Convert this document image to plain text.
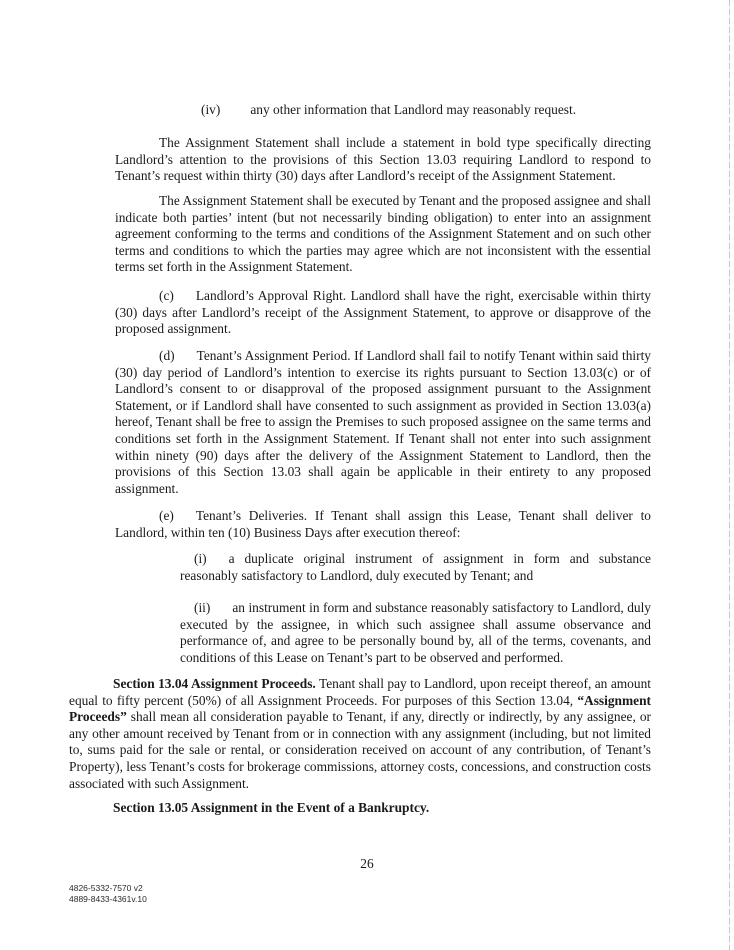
(iv) any other information that Landlord may reasonably request.

The Assignment Statement shall include a statement in bold type specifically directing Landlord’s attention to the provisions of this Section 13.03 requiring Landlord to respond to Tenant’s request within thirty (30) days after Landlord’s receipt of the Assignment Statement.

The Assignment Statement shall be executed by Tenant and the proposed assignee and shall indicate both parties’ intent (but not necessarily binding obligation) to enter into an assignment agreement conforming to the terms and conditions of the Assignment Statement and on such other terms and conditions to which the parties may agree which are not inconsistent with the essential terms set forth in the Assignment Statement.

(c) Landlord’s Approval Right. Landlord shall have the right, exercisable within thirty (30) days after Landlord’s receipt of the Assignment Statement, to approve or disapprove of the proposed assignment.

(d) Tenant’s Assignment Period. If Landlord shall fail to notify Tenant within said thirty (30) day period of Landlord’s intention to exercise its rights pursuant to Section 13.03(c) or of Landlord’s consent to or disapproval of the proposed assignment pursuant to the Assignment Statement, or if Landlord shall have consented to such assignment as provided in Section 13.03(a) hereof, Tenant shall be free to assign the Premises to such proposed assignee on the same terms and conditions set forth in the Assignment Statement. If Tenant shall not enter into such assignment within ninety (90) days after the delivery of the Assignment Statement to Landlord, then the provisions of this Section 13.03 shall again be applicable in their entirety to any proposed assignment.

(e) Tenant’s Deliveries. If Tenant shall assign this Lease, Tenant shall deliver to Landlord, within ten (10) Business Days after execution thereof:

(i) a duplicate original instrument of assignment in form and substance reasonably satisfactory to Landlord, duly executed by Tenant; and

(ii) an instrument in form and substance reasonably satisfactory to Landlord, duly executed by the assignee, in which such assignee shall assume observance and performance of, and agree to be personally bound by, all of the terms, covenants, and conditions of this Lease on Tenant’s part to be observed and performed.

Section 13.04 Assignment Proceeds. Tenant shall pay to Landlord, upon receipt thereof, an amount equal to fifty percent (50%) of all Assignment Proceeds. For purposes of this Section 13.04, “Assignment Proceeds” shall mean all consideration payable to Tenant, if any, directly or indirectly, by any assignee, or any other amount received by Tenant from or in connection with any assignment (including, but not limited to, sums paid for the sale or rental, or consideration received on account of any contribution, of Tenant’s Property), less Tenant’s costs for brokerage commissions, attorney costs, concessions, and construction costs associated with such Assignment.

Section 13.05 Assignment in the Event of a Bankruptcy.

26
4826-5332-7570 v2
4889-8433-4361v.10
